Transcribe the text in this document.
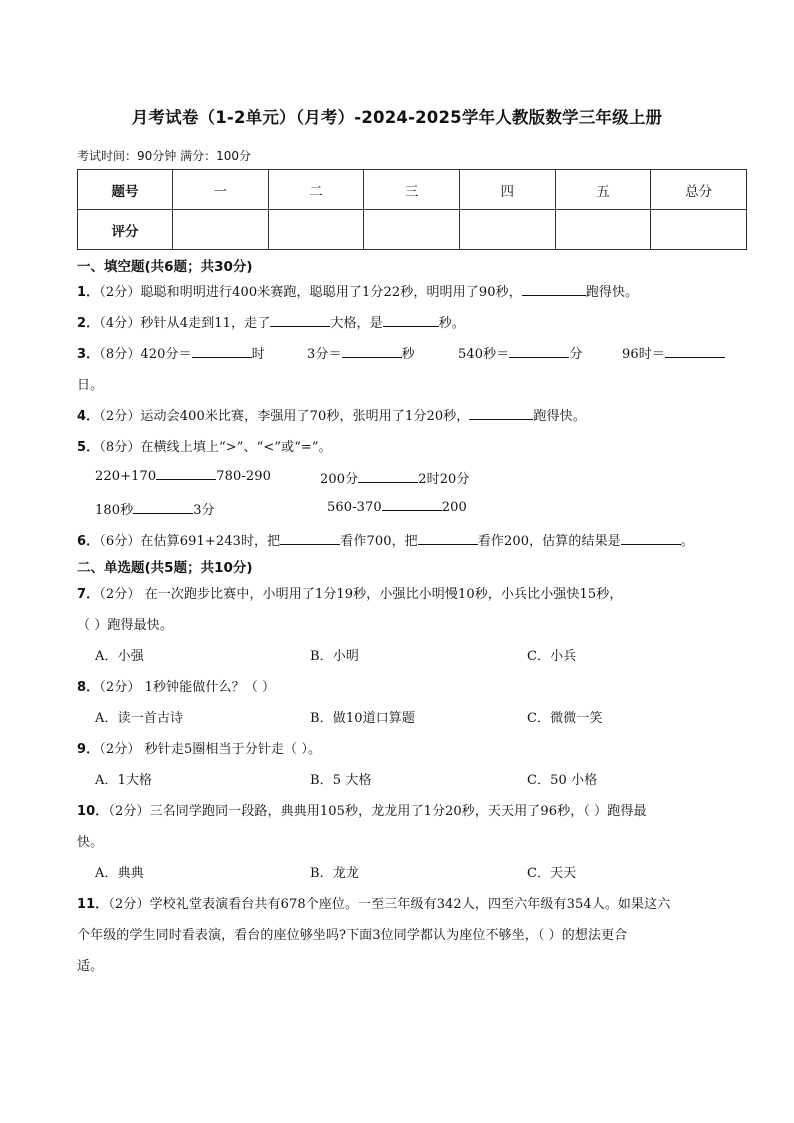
月考试卷（1-2单元）（月考）-2024-2025学年人教版数学三年级上册
考试时间：90分钟 满分：100分
题号	一	二	三	四	五	总分
评分						
一、填空题(共6题；共30分)
1．（2分）聪聪和明明进行400米赛跑，聪聪用了1分22秒，明明用了90秒，	跑得快。
2．（4分）秒针从4走到11，走了	大格，是	秒。
3．（8分）420分＝	时	3分＝	秒	540秒＝	分	96时＝
日。
4．（2分）运动会400米比赛，李强用了70秒，张明用了1分20秒，	跑得快。
5．（8分）在横线上填上“>”、“<”或“=”。
220+170	780-290	200分	2时20分
180秒	3分	560-370	200
6．（6分）在估算691+243时，把	看作700，把	看作200，估算的结果是	。
二、单选题(共5题；共10分)
7．（2分） 在一次跑步比赛中，小明用了1分19秒，小强比小明慢10秒，小兵比小强快15秒，
（ ）跑得最快。
A．小强	B．小明	C．小兵
8．（2分） 1秒钟能做什么？（ ）
A．读一首古诗	B．做10道口算题	C．微微一笑
9．（2分） 秒针走5圈相当于分针走（ ）。
A．1大格	B．5 大格	C．50 小格
10．（2分）三名同学跑同一段路，典典用105秒，龙龙用了1分20秒，天天用了96秒，（ ）跑得最
快。
A．典典	B．龙龙	C．天天
11．（2分）学校礼堂表演看台共有678个座位。一至三年级有342人，四至六年级有354人。如果这六
个年级的学生同时看表演，看台的座位够坐吗?下面3位同学都认为座位不够坐，（ ）的想法更合
适。
